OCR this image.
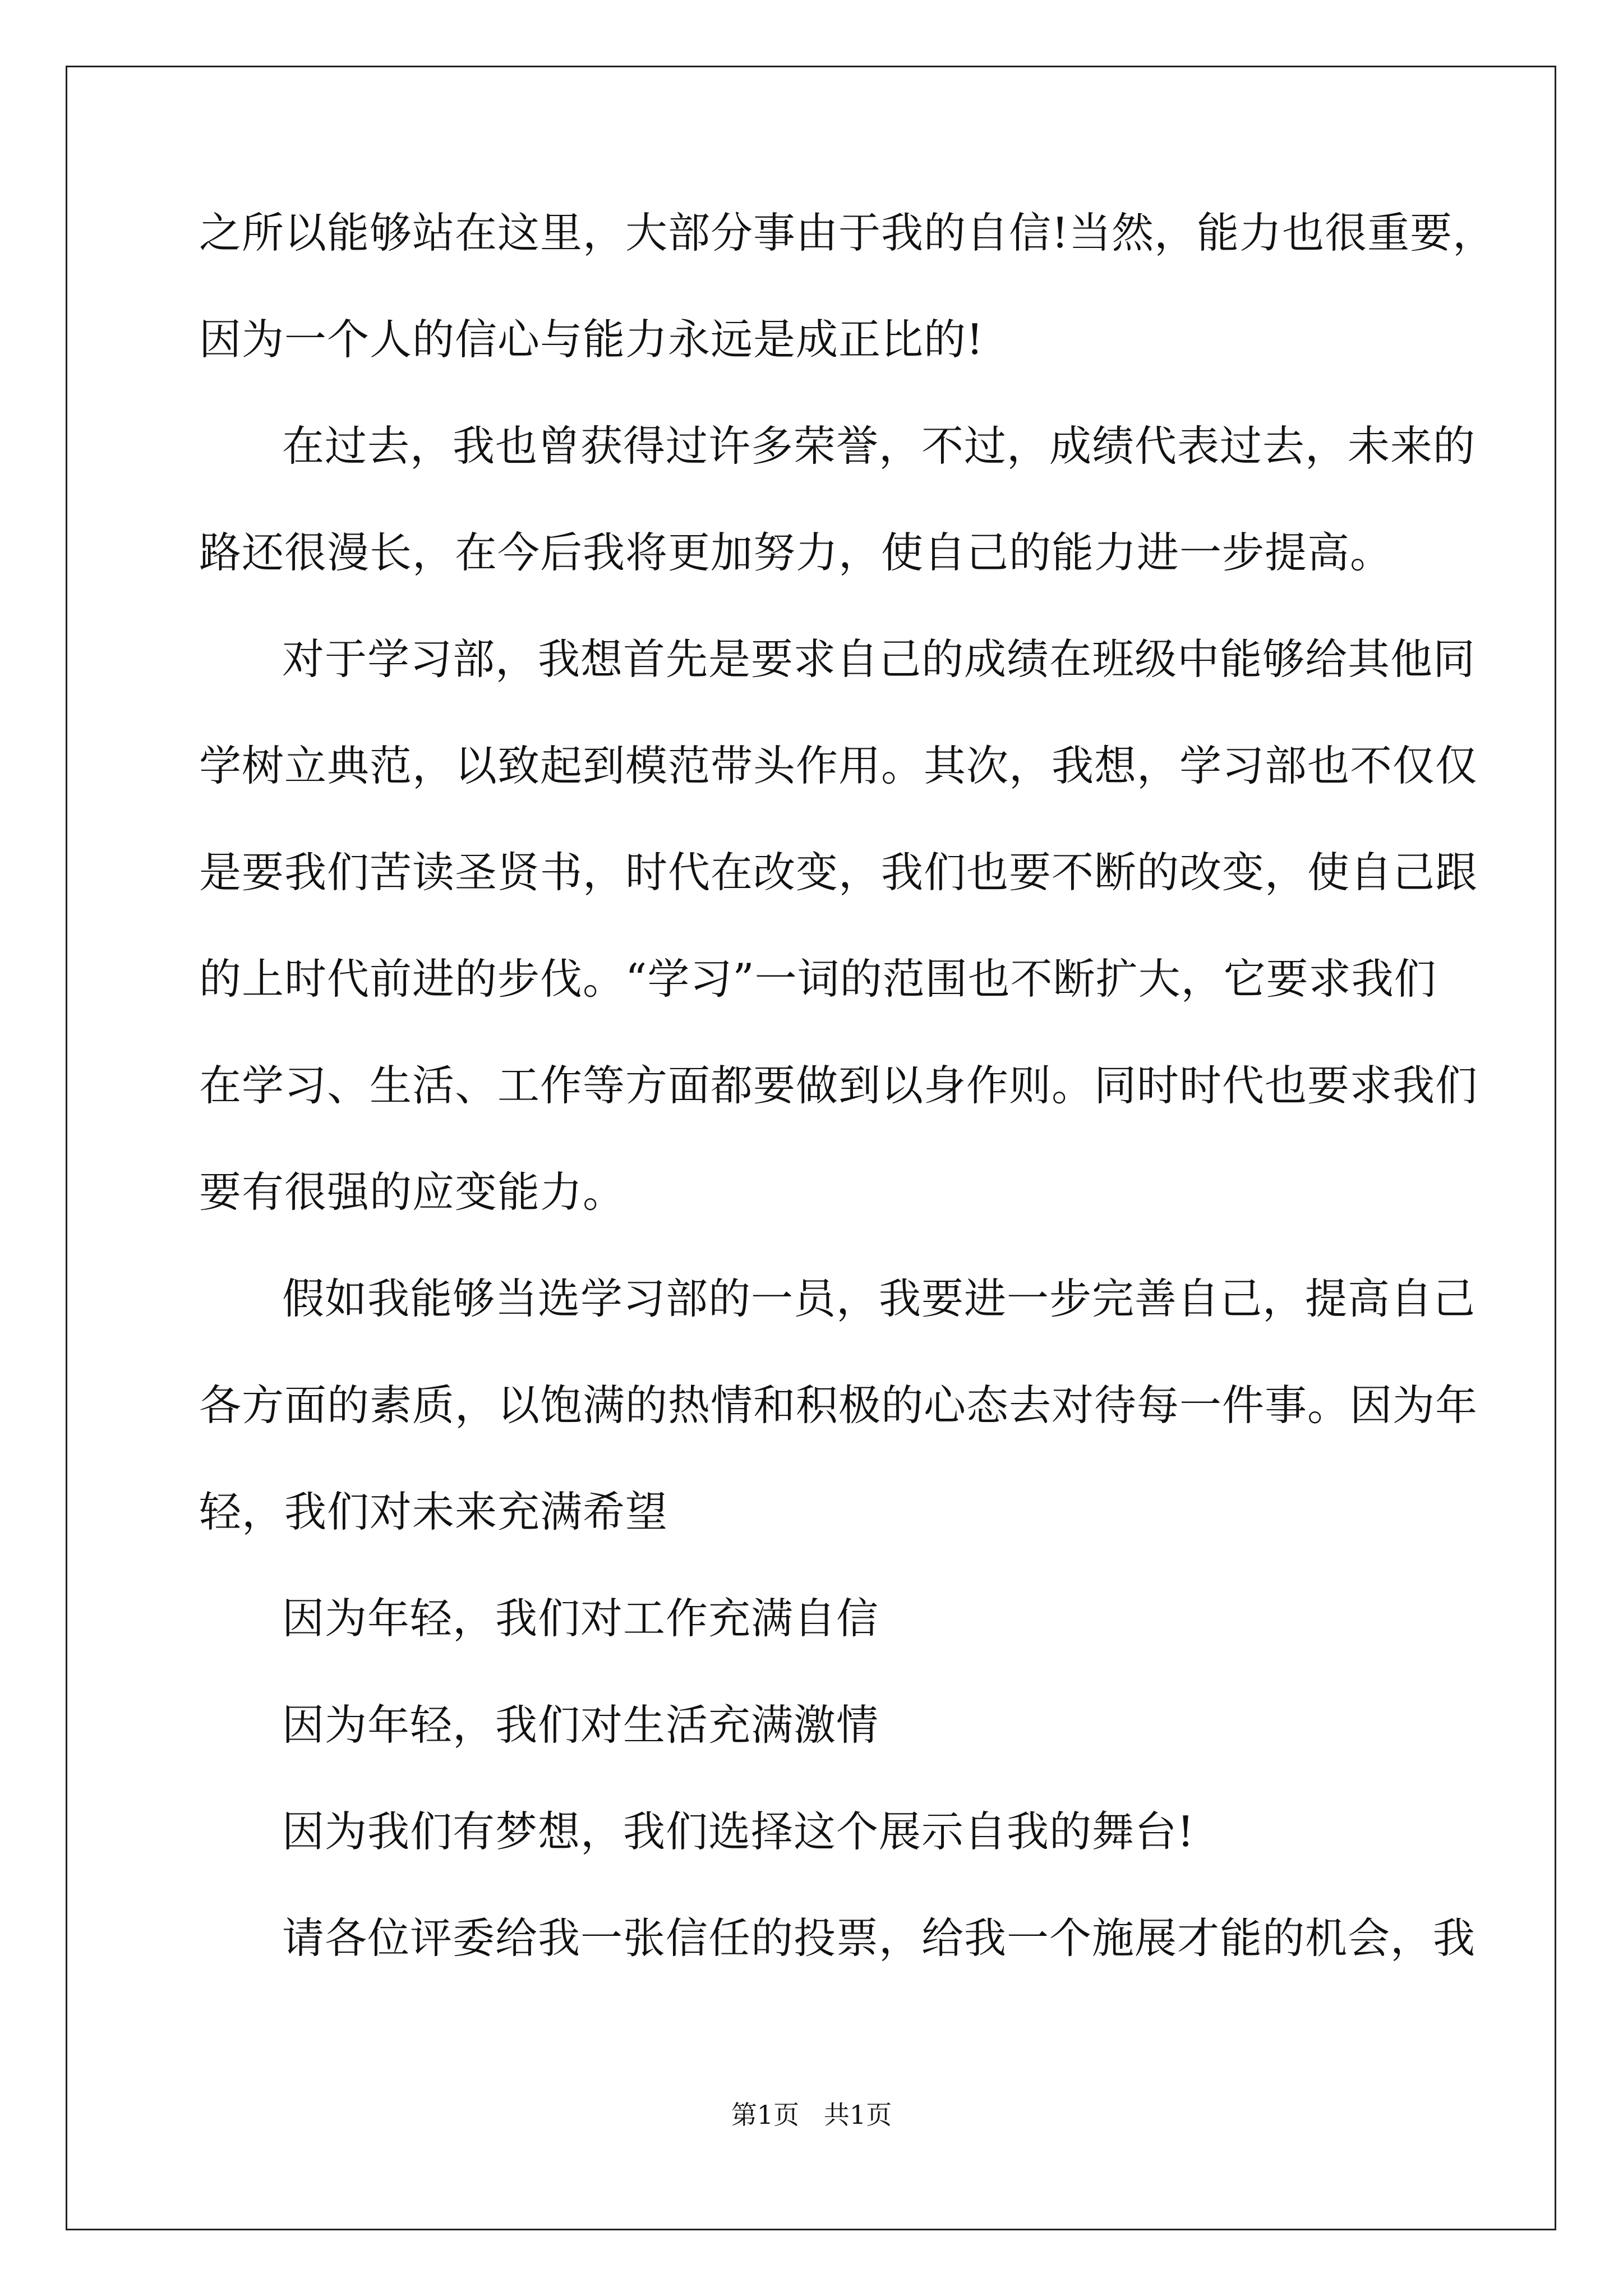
之所以能够站在这里，大部分事由于我的自信!当然，能力也很重要，
因为一个人的信心与能力永远是成正比的!
在过去，我也曾获得过许多荣誉，不过，成绩代表过去，未来的
路还很漫长，在今后我将更加努力，使自己的能力进一步提高。
对于学习部，我想首先是要求自己的成绩在班级中能够给其他同
学树立典范，以致起到模范带头作用。其次，我想，学习部也不仅仅
是要我们苦读圣贤书，时代在改变，我们也要不断的改变，使自己跟
的上时代前进的步伐。“学习”一词的范围也不断扩大，它要求我们
在学习、生活、工作等方面都要做到以身作则。同时时代也要求我们
要有很强的应变能力。
假如我能够当选学习部的一员，我要进一步完善自己，提高自己
各方面的素质，以饱满的热情和积极的心态去对待每一件事。因为年
轻，我们对未来充满希望
因为年轻，我们对工作充满自信
因为年轻，我们对生活充满激情
因为我们有梦想，我们选择这个展示自我的舞台!
请各位评委给我一张信任的投票，给我一个施展才能的机会，我
第1页   共1页
